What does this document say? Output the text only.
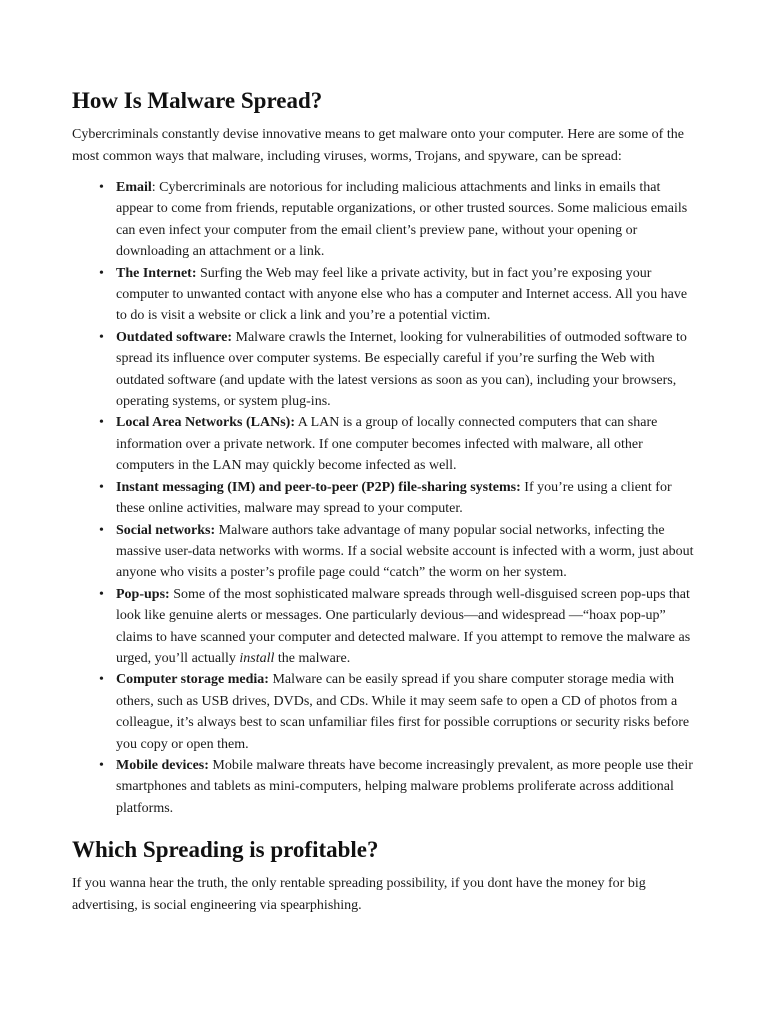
How Is Malware Spread?

Cybercriminals constantly devise innovative means to get malware onto your computer. Here are some of the most common ways that malware, including viruses, worms, Trojans, and spyware, can be spread:

• Email: Cybercriminals are notorious for including malicious attachments and links in emails that appear to come from friends, reputable organizations, or other trusted sources. Some malicious emails can even infect your computer from the email client’s preview pane, without your opening or downloading an attachment or a link.
• The Internet: Surfing the Web may feel like a private activity, but in fact you’re exposing your computer to unwanted contact with anyone else who has a computer and Internet access. All you have to do is visit a website or click a link and you’re a potential victim.
• Outdated software: Malware crawls the Internet, looking for vulnerabilities of outmoded software to spread its influence over computer systems. Be especially careful if you’re surfing the Web with outdated software (and update with the latest versions as soon as you can), including your browsers, operating systems, or system plug-ins.
• Local Area Networks (LANs): A LAN is a group of locally connected computers that can share information over a private network. If one computer becomes infected with malware, all other computers in the LAN may quickly become infected as well.
• Instant messaging (IM) and peer-to-peer (P2P) file-sharing systems: If you’re using a client for these online activities, malware may spread to your computer.
• Social networks: Malware authors take advantage of many popular social networks, infecting the massive user-data networks with worms. If a social website account is infected with a worm, just about anyone who visits a poster’s profile page could “catch” the worm on her system.
• Pop-ups: Some of the most sophisticated malware spreads through well-disguised screen pop-ups that look like genuine alerts or messages. One particularly devious—and widespread —“hoax pop-up” claims to have scanned your computer and detected malware. If you attempt to remove the malware as urged, you’ll actually install the malware.
• Computer storage media: Malware can be easily spread if you share computer storage media with others, such as USB drives, DVDs, and CDs. While it may seem safe to open a CD of photos from a colleague, it’s always best to scan unfamiliar files first for possible corruptions or security risks before you copy or open them.
• Mobile devices: Mobile malware threats have become increasingly prevalent, as more people use their smartphones and tablets as mini-computers, helping malware problems proliferate across additional platforms.
Which Spreading is profitable?

If you wanna hear the truth, the only rentable spreading possibility, if you dont have the money for big advertising, is social engineering via spearphishing.
